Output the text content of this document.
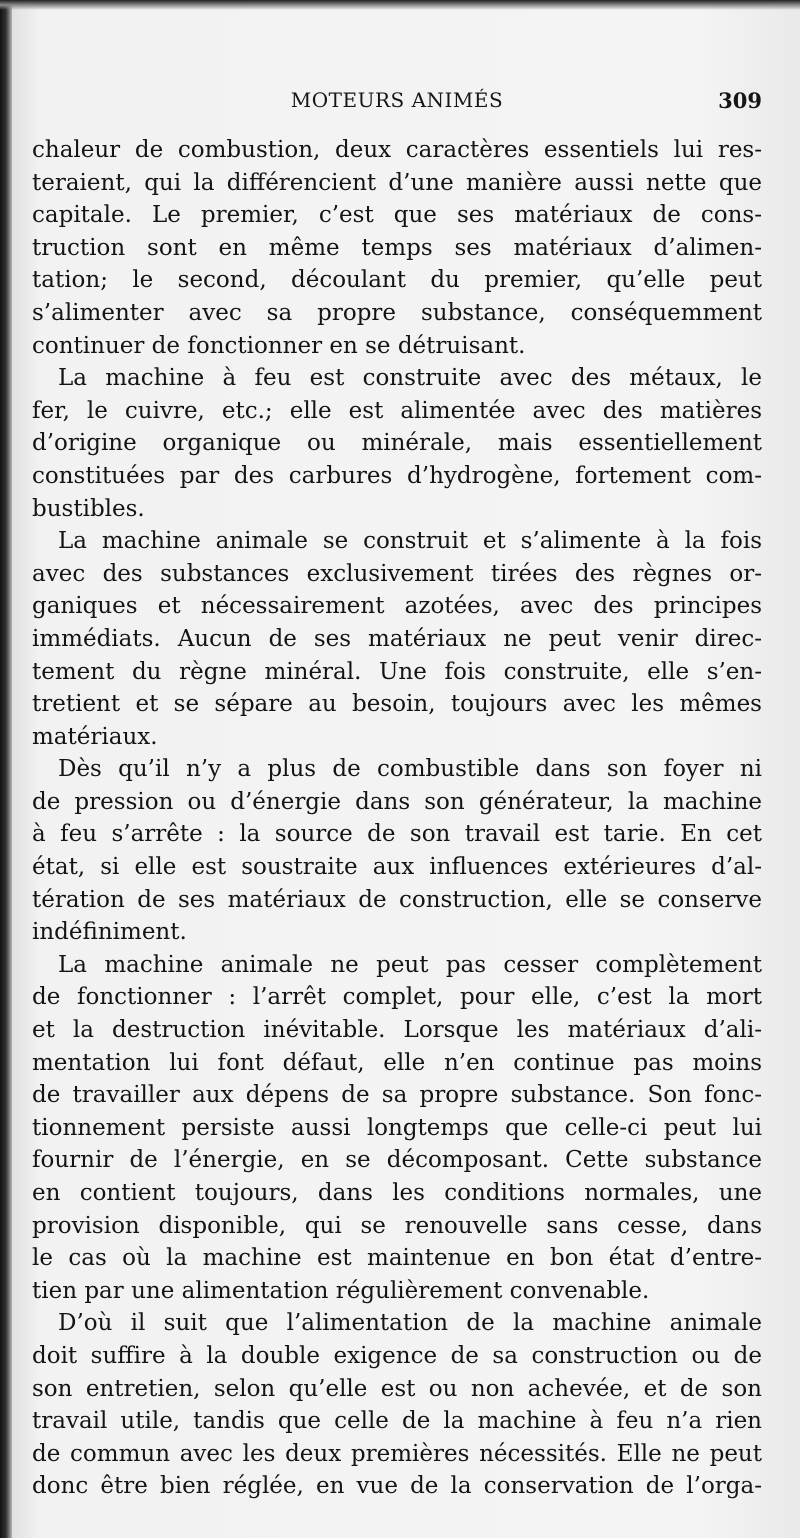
MOTEURS ANIMÉS	309
chaleur de combustion, deux caractères essentiels lui res-
teraient, qui la différencient d’une manière aussi nette que
capitale. Le premier, c’est que ses matériaux de cons-
truction sont en même temps ses matériaux d’alimen-
tation; le second, découlant du premier, qu’elle peut
s’alimenter avec sa propre substance, conséquemment
continuer de fonctionner en se détruisant.
La machine à feu est construite avec des métaux, le
fer, le cuivre, etc.; elle est alimentée avec des matières
d’origine organique ou minérale, mais essentiellement
constituées par des carbures d’hydrogène, fortement com-
bustibles.
La machine animale se construit et s’alimente à la fois
avec des substances exclusivement tirées des règnes or-
ganiques et nécessairement azotées, avec des principes
immédiats. Aucun de ses matériaux ne peut venir direc-
tement du règne minéral. Une fois construite, elle s’en-
tretient et se sépare au besoin, toujours avec les mêmes
matériaux.
Dès qu’il n’y a plus de combustible dans son foyer ni
de pression ou d’énergie dans son générateur, la machine
à feu s’arrête : la source de son travail est tarie. En cet
état, si elle est soustraite aux influences extérieures d’al-
tération de ses matériaux de construction, elle se conserve
indéfiniment.
La machine animale ne peut pas cesser complètement
de fonctionner : l’arrêt complet, pour elle, c’est la mort
et la destruction inévitable. Lorsque les matériaux d’ali-
mentation lui font défaut, elle n’en continue pas moins
de travailler aux dépens de sa propre substance. Son fonc-
tionnement persiste aussi longtemps que celle-ci peut lui
fournir de l’énergie, en se décomposant. Cette substance
en contient toujours, dans les conditions normales, une
provision disponible, qui se renouvelle sans cesse, dans
le cas où la machine est maintenue en bon état d’entre-
tien par une alimentation régulièrement convenable.
D’où il suit que l’alimentation de la machine animale
doit suffire à la double exigence de sa construction ou de
son entretien, selon qu’elle est ou non achevée, et de son
travail utile, tandis que celle de la machine à feu n’a rien
de commun avec les deux premières nécessités. Elle ne peut
donc être bien réglée, en vue de la conservation de l’orga-
